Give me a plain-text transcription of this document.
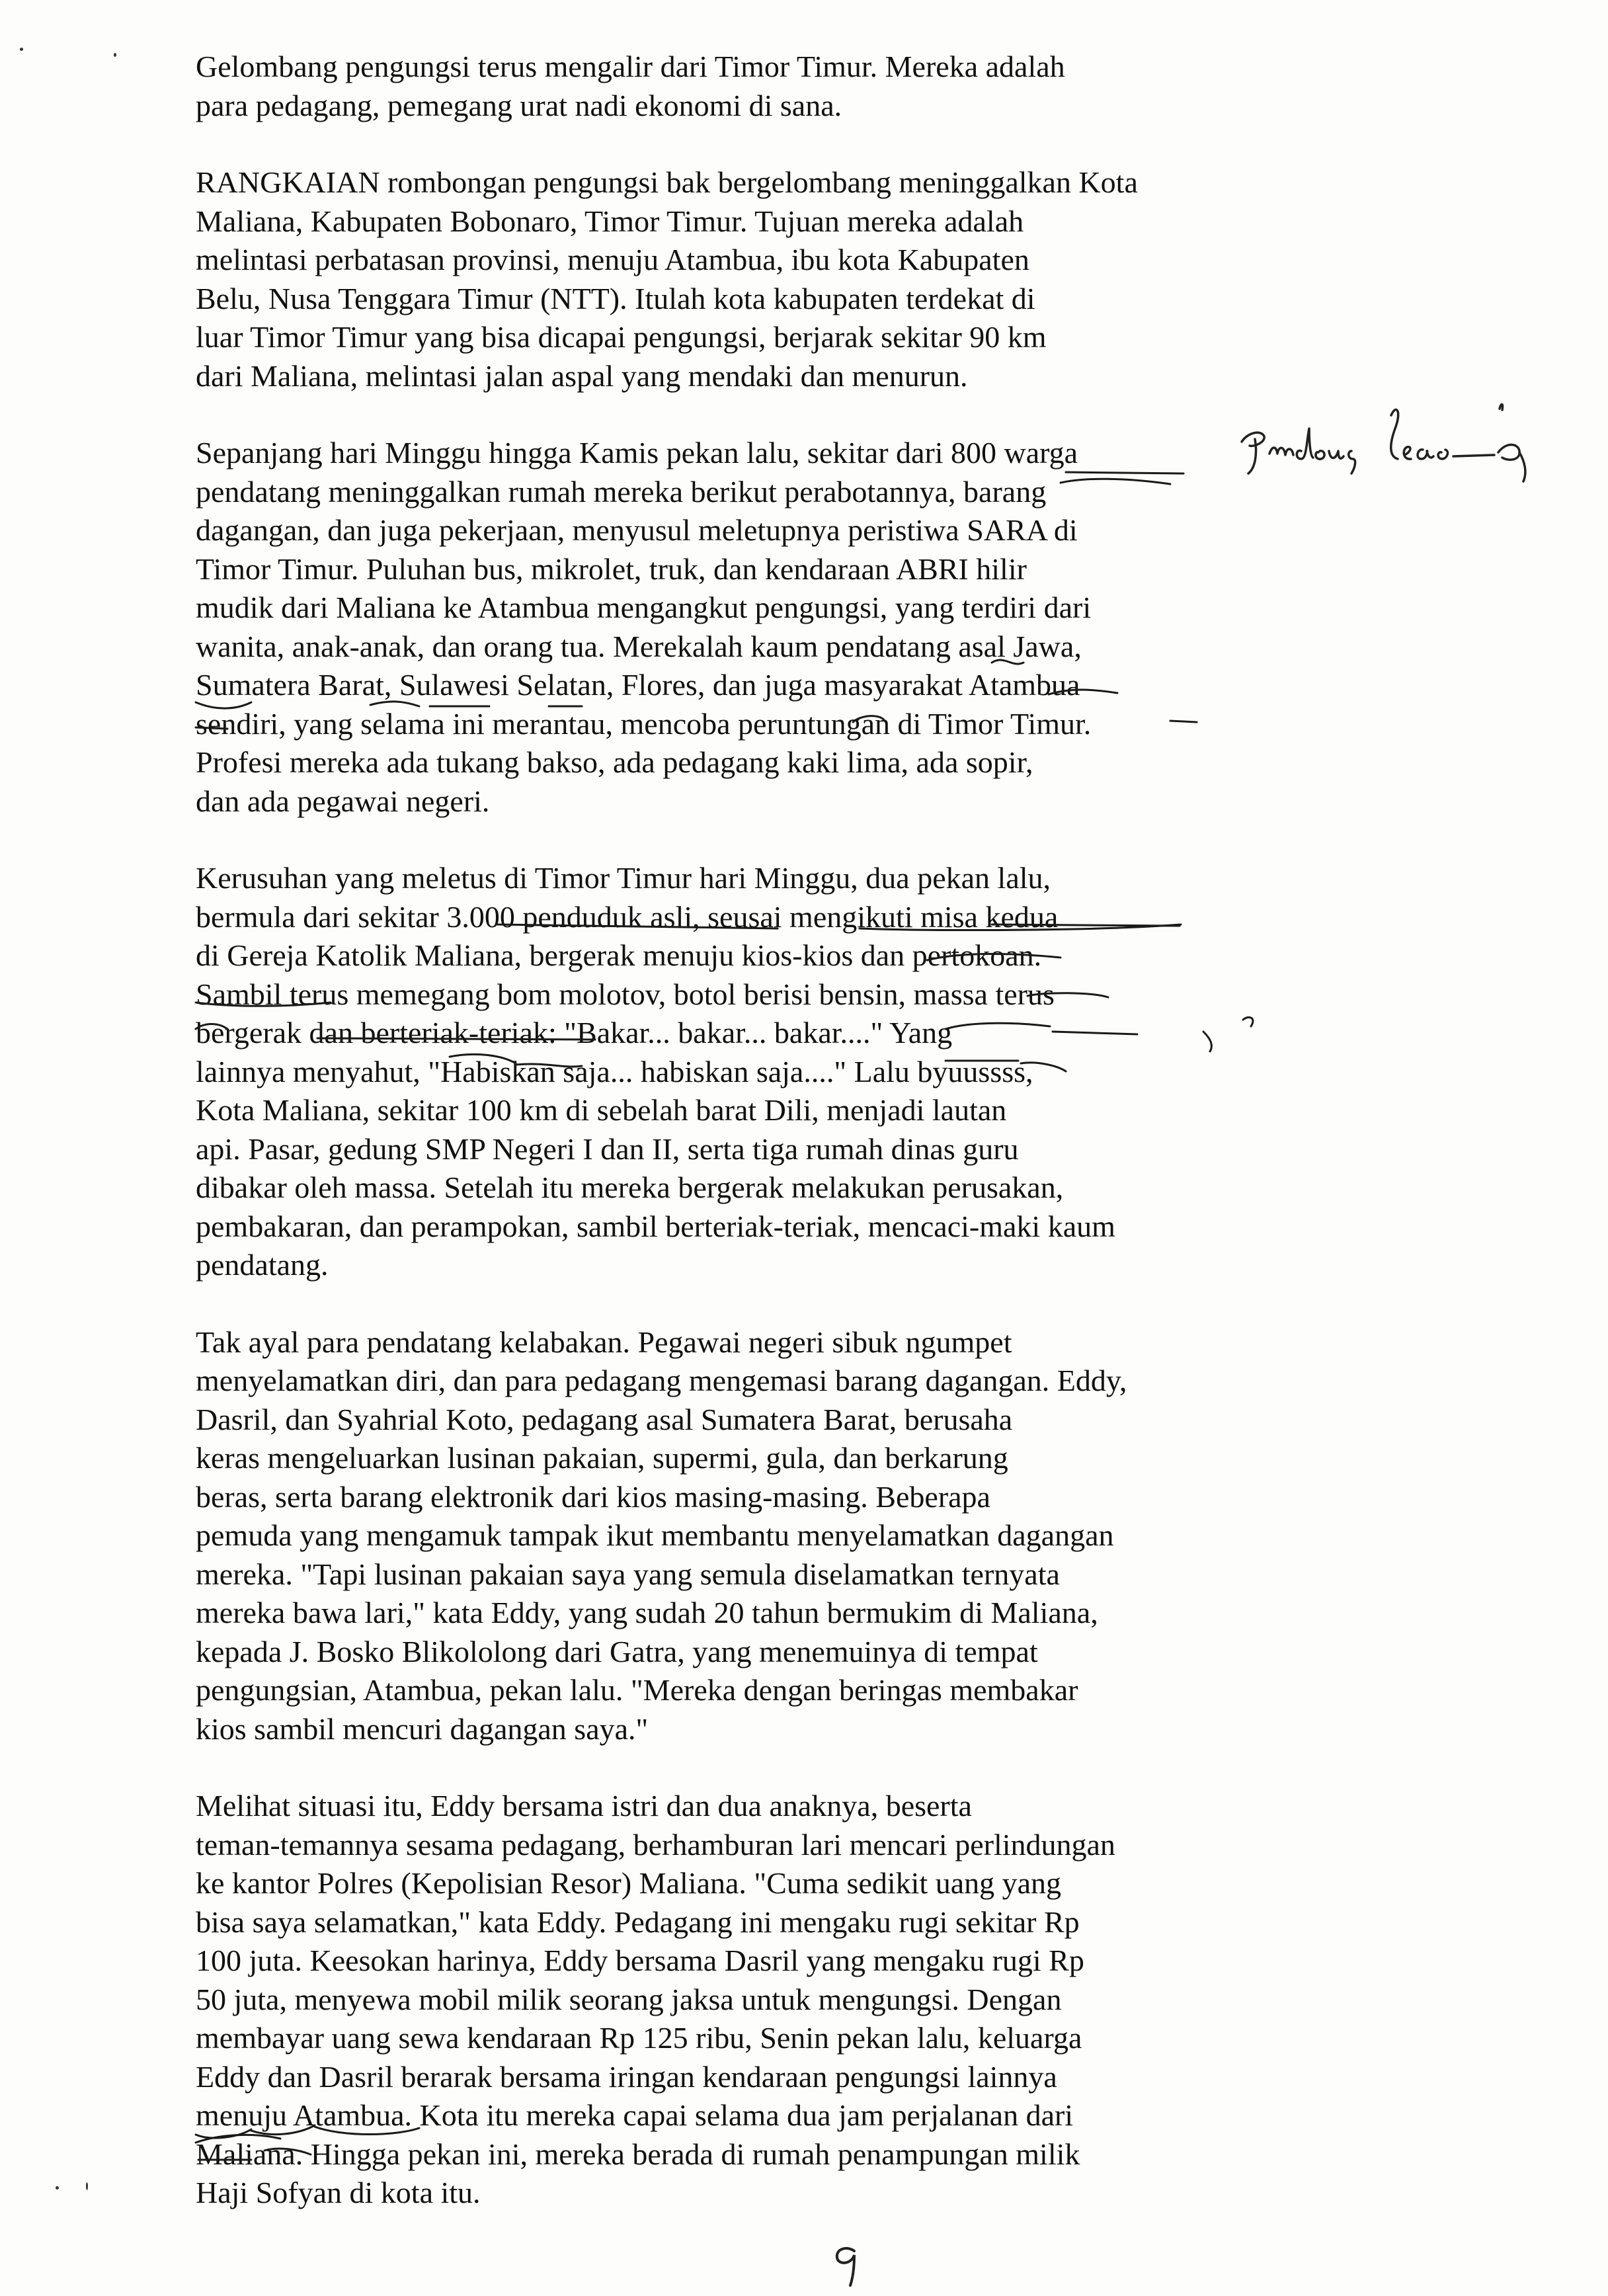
Gelombang pengungsi terus mengalir dari Timor Timur. Mereka adalah
para pedagang, pemegang urat nadi ekonomi di sana.
RANGKAIAN rombongan pengungsi bak bergelombang meninggalkan Kota
Maliana, Kabupaten Bobonaro, Timor Timur. Tujuan mereka adalah
melintasi perbatasan provinsi, menuju Atambua, ibu kota Kabupaten
Belu, Nusa Tenggara Timur (NTT). Itulah kota kabupaten terdekat di
luar Timor Timur yang bisa dicapai pengungsi, berjarak sekitar 90 km
dari Maliana, melintasi jalan aspal yang mendaki dan menurun.
Sepanjang hari Minggu hingga Kamis pekan lalu, sekitar dari 800 warga
pendatang meninggalkan rumah mereka berikut perabotannya, barang
dagangan, dan juga pekerjaan, menyusul meletupnya peristiwa SARA di
Timor Timur. Puluhan bus, mikrolet, truk, dan kendaraan ABRI hilir
mudik dari Maliana ke Atambua mengangkut pengungsi, yang terdiri dari
wanita, anak-anak, dan orang tua. Merekalah kaum pendatang asal Jawa,
Sumatera Barat, Sulawesi Selatan, Flores, dan juga masyarakat Atambua
sendiri, yang selama ini merantau, mencoba peruntungan di Timor Timur.
Profesi mereka ada tukang bakso, ada pedagang kaki lima, ada sopir,
dan ada pegawai negeri.
Kerusuhan yang meletus di Timor Timur hari Minggu, dua pekan lalu,
bermula dari sekitar 3.000 penduduk asli, seusai mengikuti misa kedua
di Gereja Katolik Maliana, bergerak menuju kios-kios dan pertokoan.
Sambil terus memegang bom molotov, botol berisi bensin, massa terus
bergerak dan berteriak-teriak: "Bakar... bakar... bakar...." Yang
lainnya menyahut, "Habiskan saja... habiskan saja...." Lalu byuussss,
Kota Maliana, sekitar 100 km di sebelah barat Dili, menjadi lautan
api. Pasar, gedung SMP Negeri I dan II, serta tiga rumah dinas guru
dibakar oleh massa. Setelah itu mereka bergerak melakukan perusakan,
pembakaran, dan perampokan, sambil berteriak-teriak, mencaci-maki kaum
pendatang.
Tak ayal para pendatang kelabakan. Pegawai negeri sibuk ngumpet
menyelamatkan diri, dan para pedagang mengemasi barang dagangan. Eddy,
Dasril, dan Syahrial Koto, pedagang asal Sumatera Barat, berusaha
keras mengeluarkan lusinan pakaian, supermi, gula, dan berkarung
beras, serta barang elektronik dari kios masing-masing. Beberapa
pemuda yang mengamuk tampak ikut membantu menyelamatkan dagangan
mereka. "Tapi lusinan pakaian saya yang semula diselamatkan ternyata
mereka bawa lari," kata Eddy, yang sudah 20 tahun bermukim di Maliana,
kepada J. Bosko Blikololong dari Gatra, yang menemuinya di tempat
pengungsian, Atambua, pekan lalu. "Mereka dengan beringas membakar
kios sambil mencuri dagangan saya."
Melihat situasi itu, Eddy bersama istri dan dua anaknya, beserta
teman-temannya sesama pedagang, berhamburan lari mencari perlindungan
ke kantor Polres (Kepolisian Resor) Maliana. "Cuma sedikit uang yang
bisa saya selamatkan," kata Eddy. Pedagang ini mengaku rugi sekitar Rp
100 juta. Keesokan harinya, Eddy bersama Dasril yang mengaku rugi Rp
50 juta, menyewa mobil milik seorang jaksa untuk mengungsi. Dengan
membayar uang sewa kendaraan Rp 125 ribu, Senin pekan lalu, keluarga
Eddy dan Dasril berarak bersama iringan kendaraan pengungsi lainnya
menuju Atambua. Kota itu mereka capai selama dua jam perjalanan dari
Maliana. Hingga pekan ini, mereka berada di rumah penampungan milik
Haji Sofyan di kota itu.
